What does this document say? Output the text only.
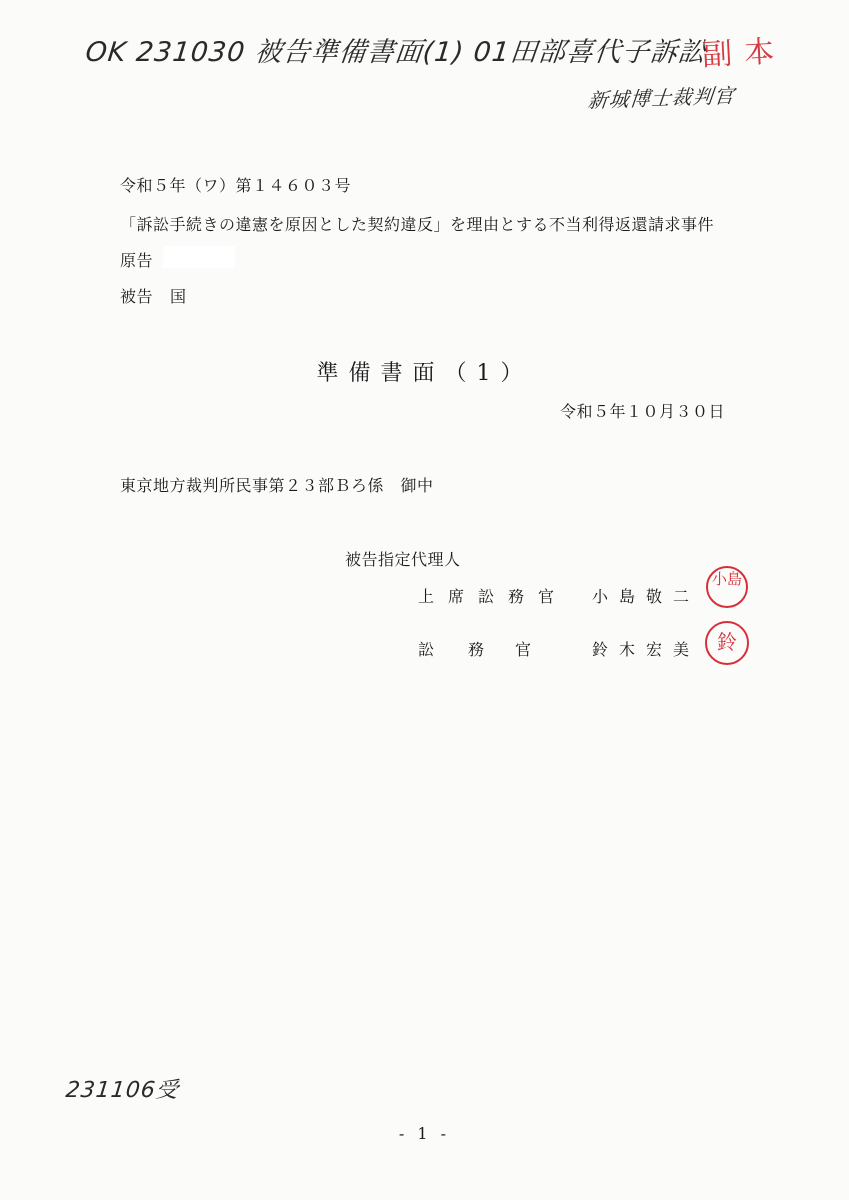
OK 231030 被告準備書面(1) 01田部喜代子訴訟
副本
新城博士裁判官
令和５年（ワ）第１４６０３号
「訴訟手続きの違憲を原因とした契約違反」を理由とする不当利得返還請求事件
原告
被告 国
準備書面（1）
令和５年１０月３０日
東京地方裁判所民事第２３部Ｂろ係　御中
被告指定代理人
上席訟務官 小島敬二
小島
訟 務 官	鈴木宏美 鈴
231106受
- 1 -
